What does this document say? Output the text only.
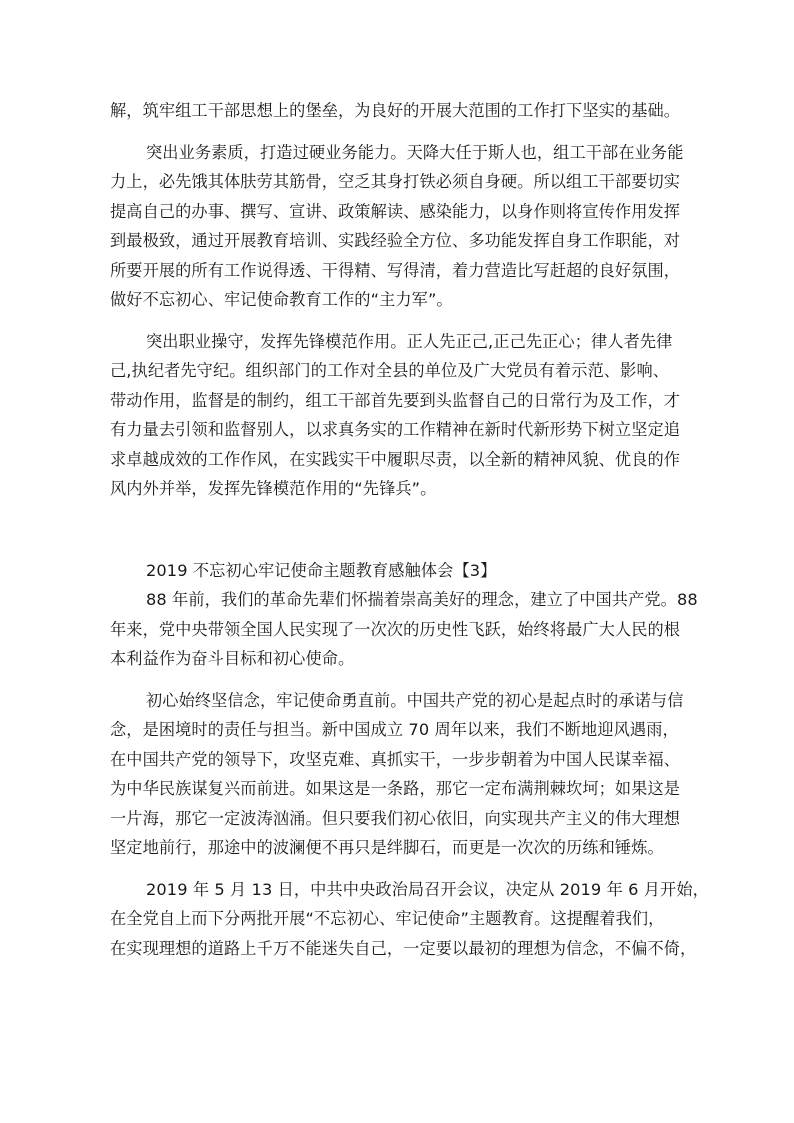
解，筑牢组工干部思想上的堡垒，为良好的开展大范围的工作打下坚实的基础。

突出业务素质，打造过硬业务能力。天降大任于斯人也，组工干部在业务能
力上，必先饿其体肤劳其筋骨，空乏其身打铁必须自身硬。所以组工干部要切实
提高自己的办事、撰写、宣讲、政策解读、感染能力，以身作则将宣传作用发挥
到最极致，通过开展教育培训、实践经验全方位、多功能发挥自身工作职能，对
所要开展的所有工作说得透、干得精、写得清，着力营造比写赶超的良好氛围，
做好不忘初心、牢记使命教育工作的“主力军”。

突出职业操守，发挥先锋模范作用。正人先正己,正己先正心；律人者先律
己,执纪者先守纪。组织部门的工作对全县的单位及广大党员有着示范、影响、
带动作用，监督是的制约，组工干部首先要到头监督自己的日常行为及工作，才
有力量去引领和监督别人，以求真务实的工作精神在新时代新形势下树立坚定追
求卓越成效的工作作风，在实践实干中履职尽责，以全新的精神风貌、优良的作
风内外并举，发挥先锋模范作用的“先锋兵”。

2019 不忘初心牢记使命主题教育感触体会【3】

88 年前，我们的革命先辈们怀揣着崇高美好的理念，建立了中国共产党。88
年来，党中央带领全国人民实现了一次次的历史性飞跃，始终将最广大人民的根
本利益作为奋斗目标和初心使命。

初心始终坚信念，牢记使命勇直前。中国共产党的初心是起点时的承诺与信
念，是困境时的责任与担当。新中国成立 70 周年以来，我们不断地迎风遇雨，
在中国共产党的领导下，攻坚克难、真抓实干，一步步朝着为中国人民谋幸福、
为中华民族谋复兴而前进。如果这是一条路，那它一定布满荆棘坎坷；如果这是
一片海，那它一定波涛汹涌。但只要我们初心依旧，向实现共产主义的伟大理想
坚定地前行，那途中的波澜便不再只是绊脚石，而更是一次次的历练和锤炼。

2019 年 5 月 13 日，中共中央政治局召开会议，决定从 2019 年 6 月开始，
在全党自上而下分两批开展“不忘初心、牢记使命”主题教育。这提醒着我们，
在实现理想的道路上千万不能迷失自己，一定要以最初的理想为信念，不偏不倚，
